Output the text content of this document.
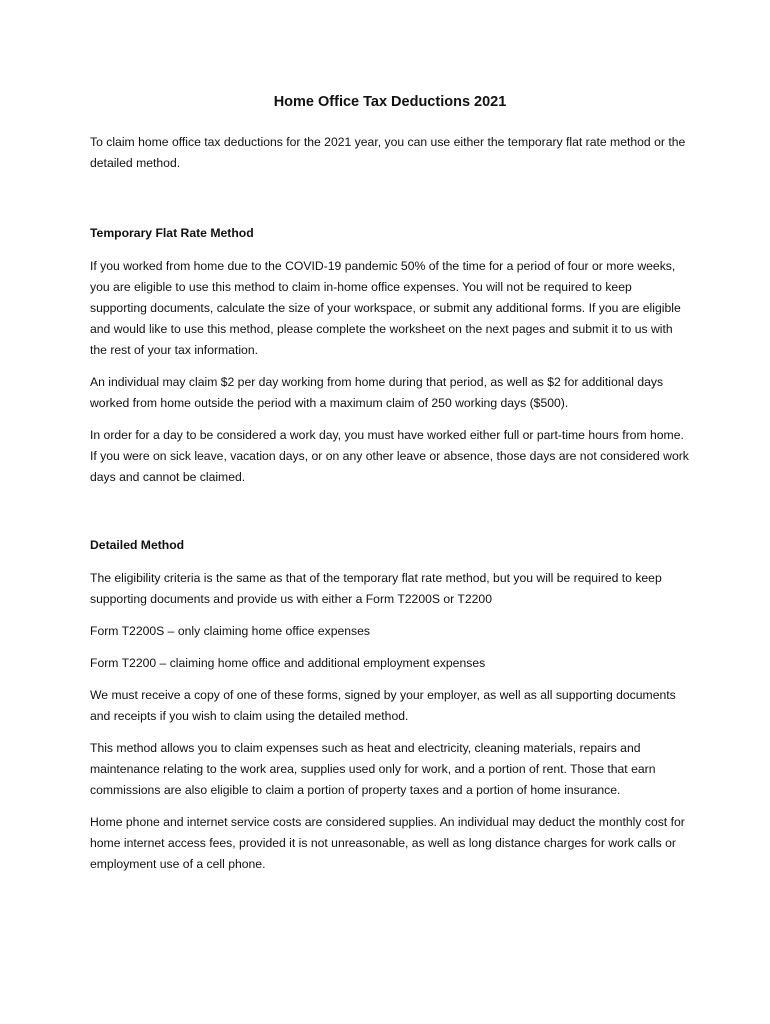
Home Office Tax Deductions 2021

To claim home office tax deductions for the 2021 year, you can use either the temporary flat rate method or the detailed method.

Temporary Flat Rate Method

If you worked from home due to the COVID-19 pandemic 50% of the time for a period of four or more weeks, you are eligible to use this method to claim in-home office expenses. You will not be required to keep supporting documents, calculate the size of your workspace, or submit any additional forms. If you are eligible and would like to use this method, please complete the worksheet on the next pages and submit it to us with the rest of your tax information.

An individual may claim $2 per day working from home during that period, as well as $2 for additional days worked from home outside the period with a maximum claim of 250 working days ($500).

In order for a day to be considered a work day, you must have worked either full or part-time hours from home. If you were on sick leave, vacation days, or on any other leave or absence, those days are not considered work days and cannot be claimed.

Detailed Method

The eligibility criteria is the same as that of the temporary flat rate method, but you will be required to keep supporting documents and provide us with either a Form T2200S or T2200

Form T2200S – only claiming home office expenses

Form T2200 – claiming home office and additional employment expenses

We must receive a copy of one of these forms, signed by your employer, as well as all supporting documents and receipts if you wish to claim using the detailed method.

This method allows you to claim expenses such as heat and electricity, cleaning materials, repairs and maintenance relating to the work area, supplies used only for work, and a portion of rent. Those that earn commissions are also eligible to claim a portion of property taxes and a portion of home insurance.

Home phone and internet service costs are considered supplies. An individual may deduct the monthly cost for home internet access fees, provided it is not unreasonable, as well as long distance charges for work calls or employment use of a cell phone.
